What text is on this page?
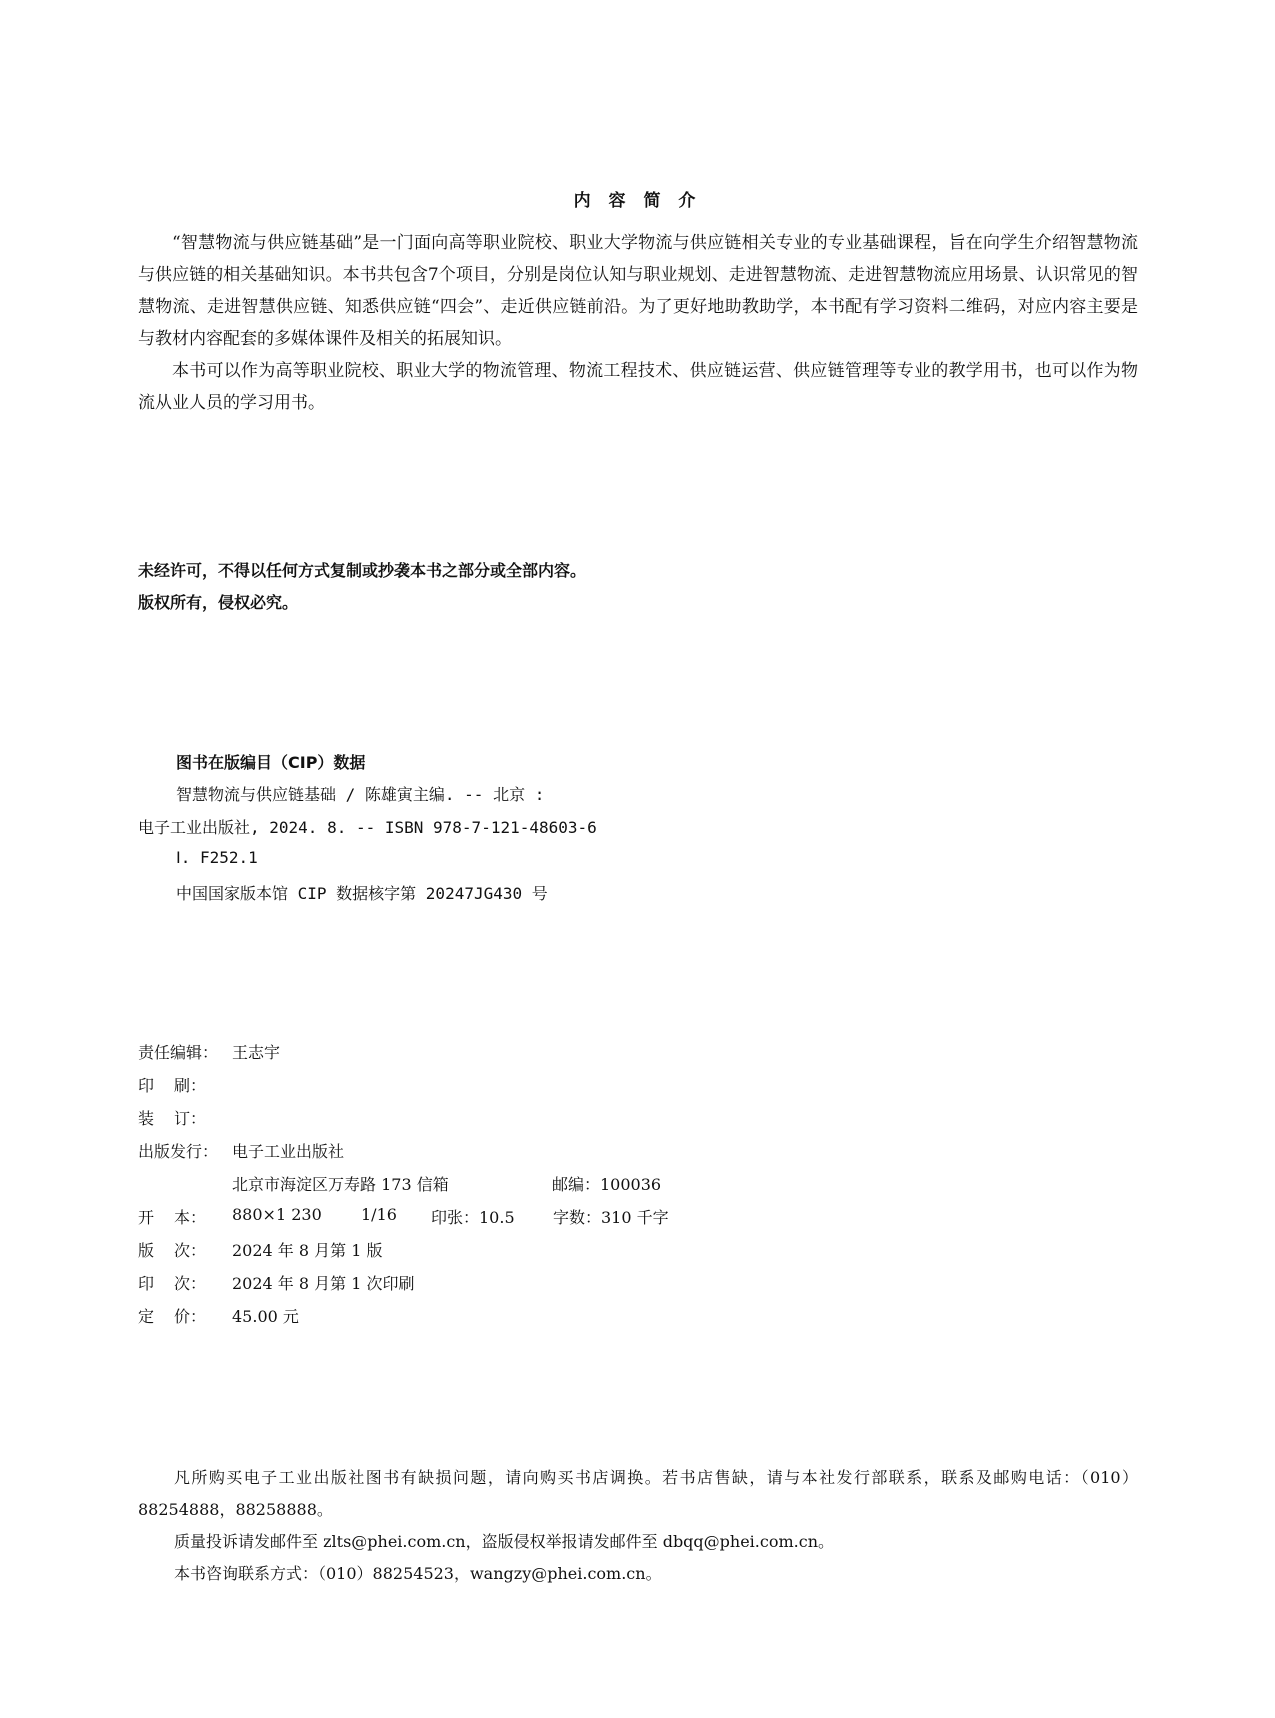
内 容 简 介

“智慧物流与供应链基础”是一门面向高等职业院校、职业大学物流与供应链相关专业的专业基础课程，旨在向学生介绍智慧物流与供应链的相关基础知识。本书共包含7个项目，分别是岗位认知与职业规划、走进智慧物流、走进智慧物流应用场景、认识常见的智慧物流、走进智慧供应链、知悉供应链“四会”、走近供应链前沿。为了更好地助教助学，本书配有学习资料二维码，对应内容主要是与教材内容配套的多媒体课件及相关的拓展知识。

本书可以作为高等职业院校、职业大学的物流管理、物流工程技术、供应链运营、供应链管理等专业的教学用书，也可以作为物流从业人员的学习用书。

未经许可，不得以任何方式复制或抄袭本书之部分或全部内容。
版权所有，侵权必究。
图书在版编目（CIP）数据
智慧物流与供应链基础 / 陈雄寅主编. -- 北京 :
电子工业出版社, 2024. 8. -- ISBN 978-7-121-48603-6
Ⅰ. F252.1
中国国家版本馆 CIP 数据核字第 20247JG430 号
责任编辑： 王志宇
印 刷：
装 订：
出版发行： 电子工业出版社
北京市海淀区万寿路 173 信箱	邮编：100036
开 本： 880×1 230 1/16 印张：10.5 字数：310 千字
版 次： 2024 年 8 月第 1 版
印 次： 2024 年 8 月第 1 次印刷
定 价： 45.00 元

凡所购买电子工业出版社图书有缺损问题，请向购买书店调换。若书店售缺，请与本社发行部联系，联系及邮购电话：（010）88254888，88258888。

质量投诉请发邮件至 zlts@phei.com.cn，盗版侵权举报请发邮件至 dbqq@phei.com.cn。

本书咨询联系方式：（010）88254523，wangzy@phei.com.cn。
